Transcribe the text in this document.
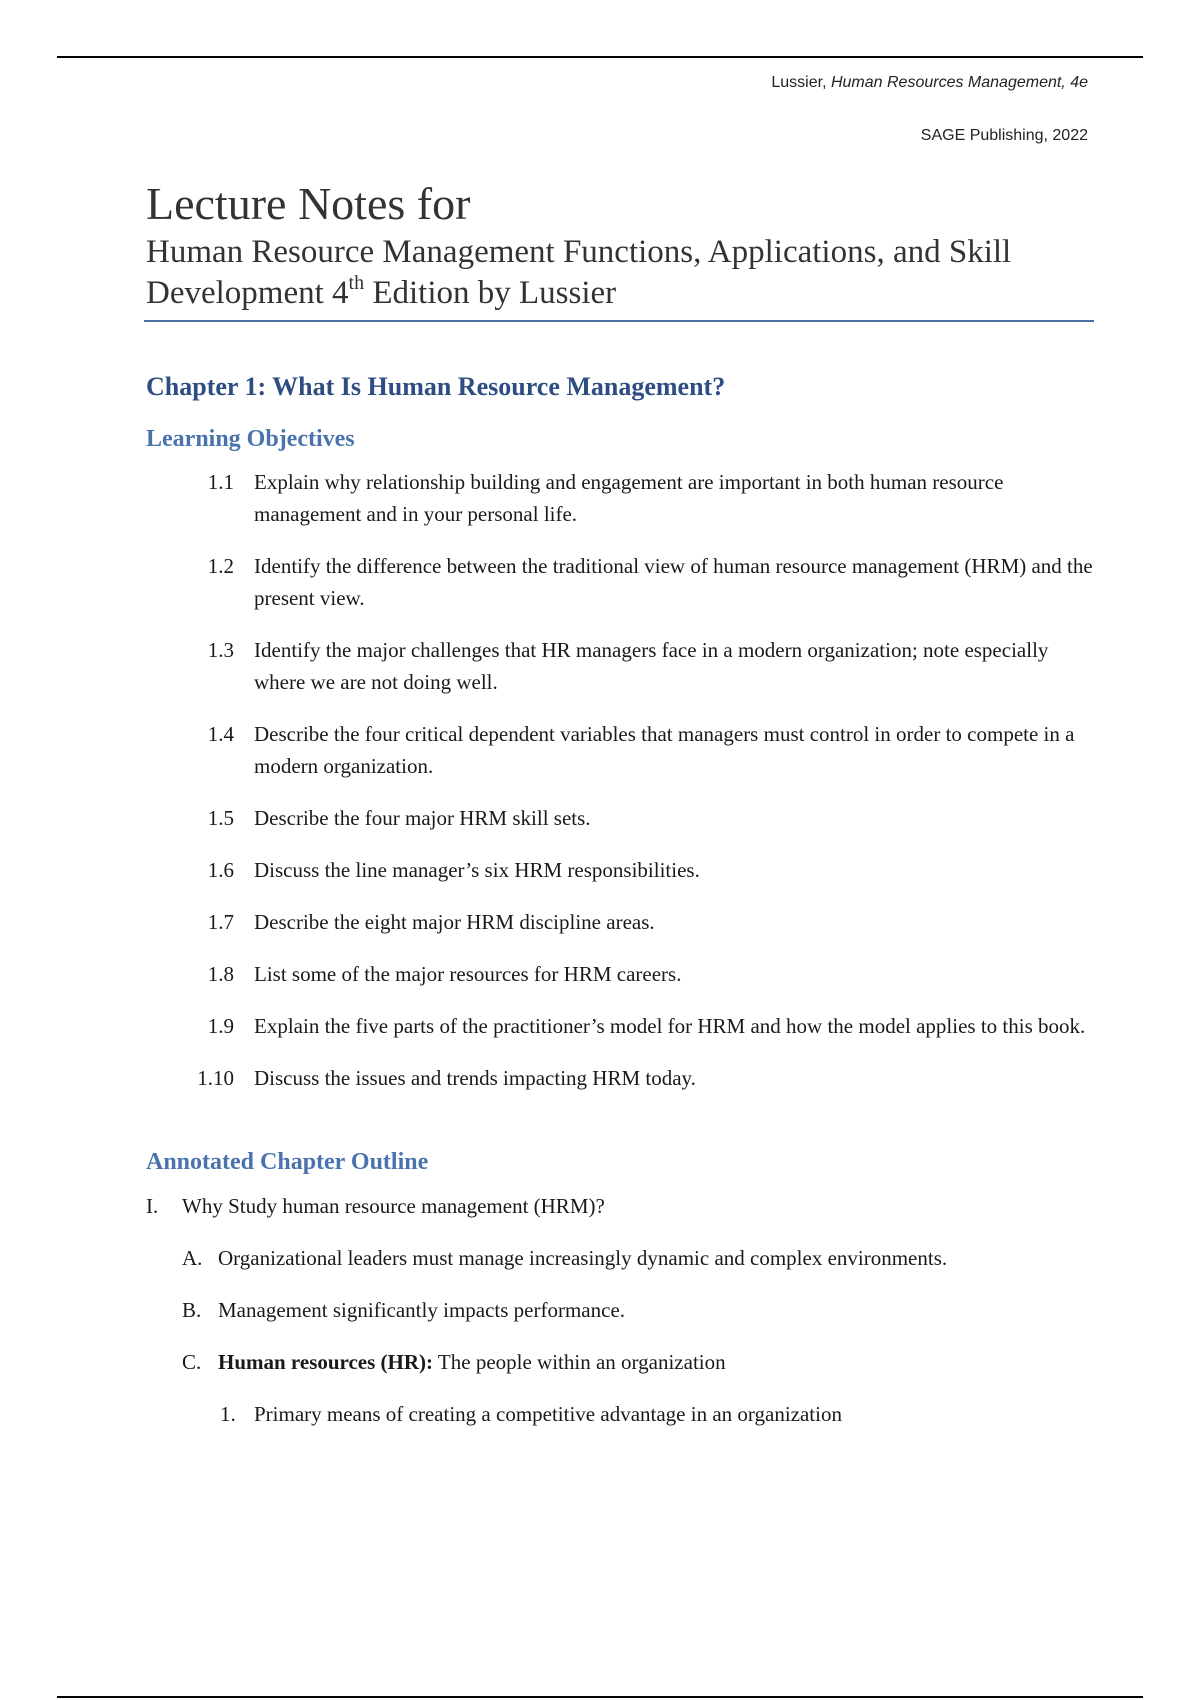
Lussier, Human Resources Management, 4e
SAGE Publishing, 2022
Lecture Notes for
Human Resource Management Functions, Applications, and Skill
Development 4th Edition by Lussier
Chapter 1: What Is Human Resource Management?
Learning Objectives
1.1 Explain why relationship building and engagement are important in both human resource management and in your personal life.
1.2 Identify the difference between the traditional view of human resource management (HRM) and the present view.
1.3 Identify the major challenges that HR managers face in a modern organization; note especially where we are not doing well.
1.4 Describe the four critical dependent variables that managers must control in order to compete in a modern organization.
1.5 Describe the four major HRM skill sets.
1.6 Discuss the line manager’s six HRM responsibilities.
1.7 Describe the eight major HRM discipline areas.
1.8 List some of the major resources for HRM careers.
1.9 Explain the five parts of the practitioner’s model for HRM and how the model applies to this book.
1.10 Discuss the issues and trends impacting HRM today.
Annotated Chapter Outline
I. Why Study human resource management (HRM)?
A. Organizational leaders must manage increasingly dynamic and complex environments.
B. Management significantly impacts performance.
C. Human resources (HR): The people within an organization
1. Primary means of creating a competitive advantage in an organization
